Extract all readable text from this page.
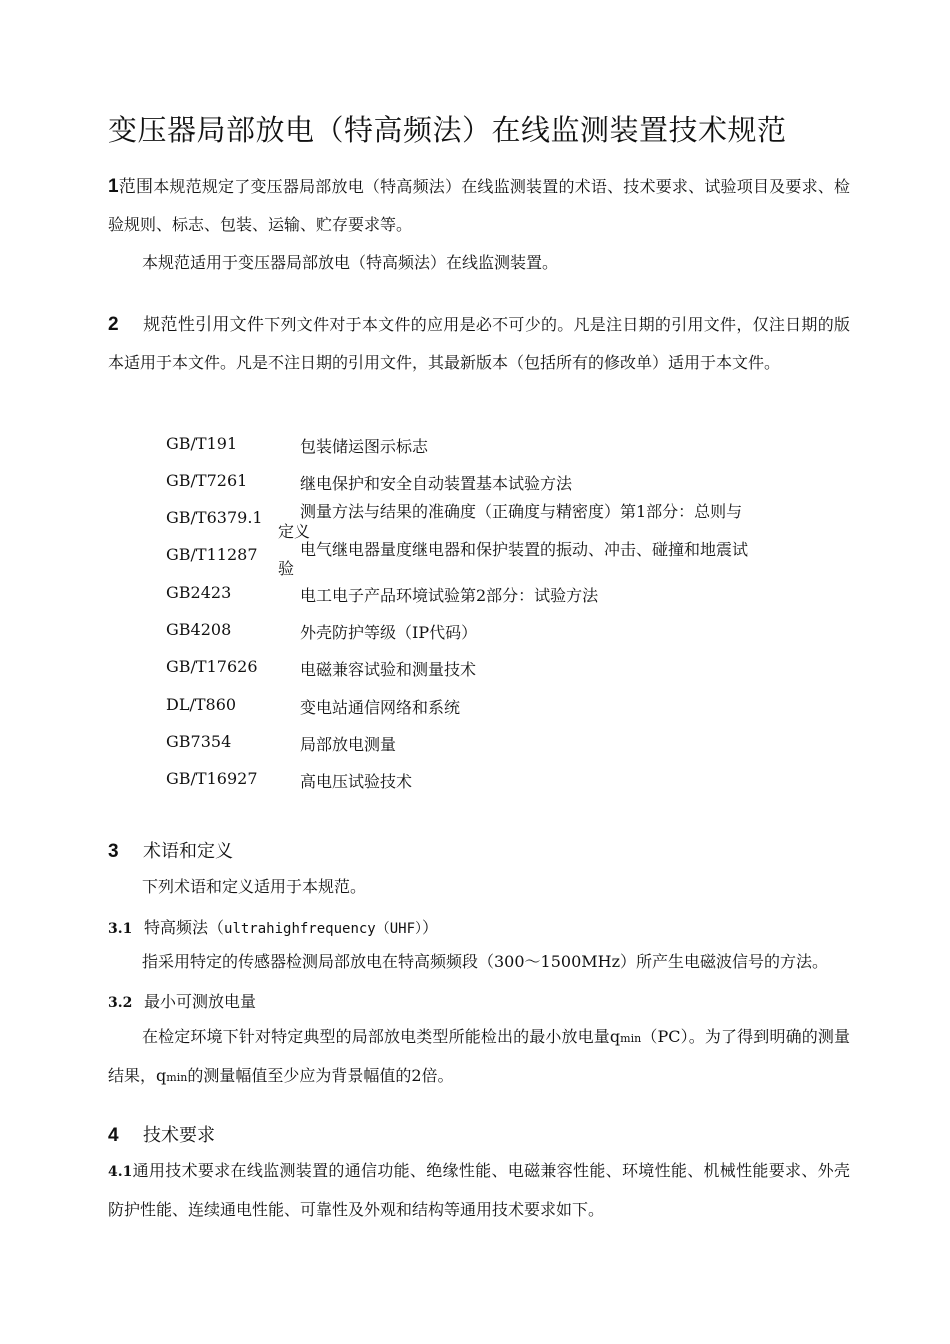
变压器局部放电（特高频法）在线监测装置技术规范

1范围本规范规定了变压器局部放电（特高频法）在线监测装置的术语、技术要求、试验项目及要求、检验规则、标志、包装、运输、贮存要求等。

本规范适用于变压器局部放电（特高频法）在线监测装置。

2 规范性引用文件下列文件对于本文件的应用是必不可少的。凡是注日期的引用文件，仅注日期的版本适用于本文件。凡是不注日期的引用文件，其最新版本（包括所有的修改单）适用于本文件。

GB/T191	包装储运图示标志
GB/T7261	继电保护和安全自动装置基本试验方法
GB/T6379.1	测量方法与结果的准确度（正确度与精密度）第1部分：总则与
定义
GB/T11287	电气继电器量度继电器和保护装置的振动、冲击、碰撞和地震试
验
GB2423	电工电子产品环境试验第2部分：试验方法
GB4208	外壳防护等级（IP代码）
GB/T17626	电磁兼容试验和测量技术
DL/T860	变电站通信网络和系统
GB7354	局部放电测量
GB/T16927	高电压试验技术
3 术语和定义

下列术语和定义适用于本规范。

3.1 特高频法（ultrahighfrequency（UHF））

指采用特定的传感器检测局部放电在特高频频段（300～1500MHz）所产生电磁波信号的方法。

3.2 最小可测放电量

在检定环境下针对特定典型的局部放电类型所能检出的最小放电量qmin（PC）。为了得到明确的测量结果，qmin的测量幅值至少应为背景幅值的2倍。

4 技术要求

4.1通用技术要求在线监测装置的通信功能、绝缘性能、电磁兼容性能、环境性能、机械性能要求、外壳防护性能、连续通电性能、可靠性及外观和结构等通用技术要求如下。
